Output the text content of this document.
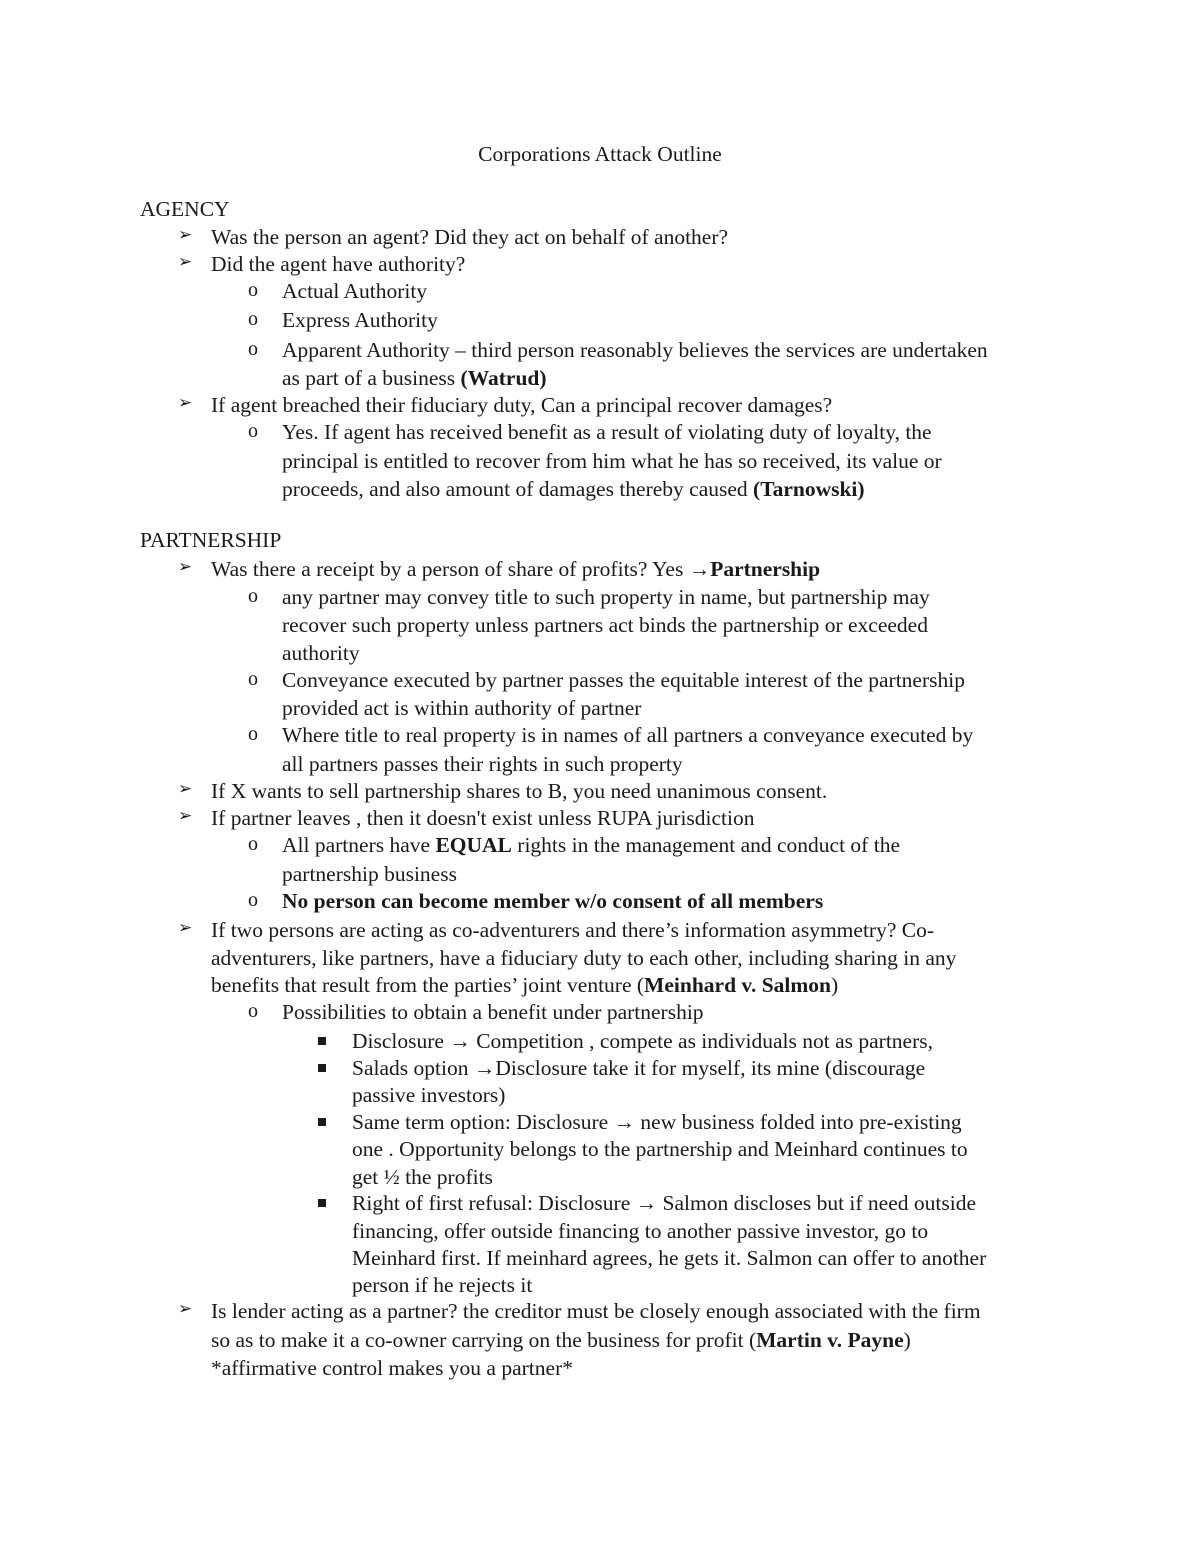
Corporations Attack Outline
AGENCY
➢ Was the person an agent? Did they act on behalf of another?
➢ Did the agent have authority?
o Actual Authority
o Express Authority
o Apparent Authority – third person reasonably believes the services are undertaken
as part of a business (Watrud)
➢ If agent breached their fiduciary duty, Can a principal recover damages?
o Yes. If agent has received benefit as a result of violating duty of loyalty, the
principal is entitled to recover from him what he has so received, its value or
proceeds, and also amount of damages thereby caused (Tarnowski)
PARTNERSHIP
➢ Was there a receipt by a person of share of profits? Yes →Partnership
o any partner may convey title to such property in name, but partnership may
recover such property unless partners act binds the partnership or exceeded
authority
o Conveyance executed by partner passes the equitable interest of the partnership
provided act is within authority of partner
o Where title to real property is in names of all partners a conveyance executed by
all partners passes their rights in such property
➢ If X wants to sell partnership shares to B, you need unanimous consent.
➢ If partner leaves , then it doesn't exist unless RUPA jurisdiction
o All partners have EQUAL rights in the management and conduct of the
partnership business
o No person can become member w/o consent of all members
➢ If two persons are acting as co-adventurers and there’s information asymmetry? Co-
adventurers, like partners, have a fiduciary duty to each other, including sharing in any
benefits that result from the parties’ joint venture (Meinhard v. Salmon)
o Possibilities to obtain a benefit under partnership
Disclosure → Competition , compete as individuals not as partners,
Salads option →Disclosure take it for myself, its mine (discourage
passive investors)
Same term option: Disclosure → new business folded into pre-existing
one . Opportunity belongs to the partnership and Meinhard continues to
get ½ the profits
Right of first refusal: Disclosure → Salmon discloses but if need outside
financing, offer outside financing to another passive investor, go to
Meinhard first. If meinhard agrees, he gets it. Salmon can offer to another
person if he rejects it
➢ Is lender acting as a partner? the creditor must be closely enough associated with the firm
so as to make it a co-owner carrying on the business for profit (Martin v. Payne)
*affirmative control makes you a partner*
